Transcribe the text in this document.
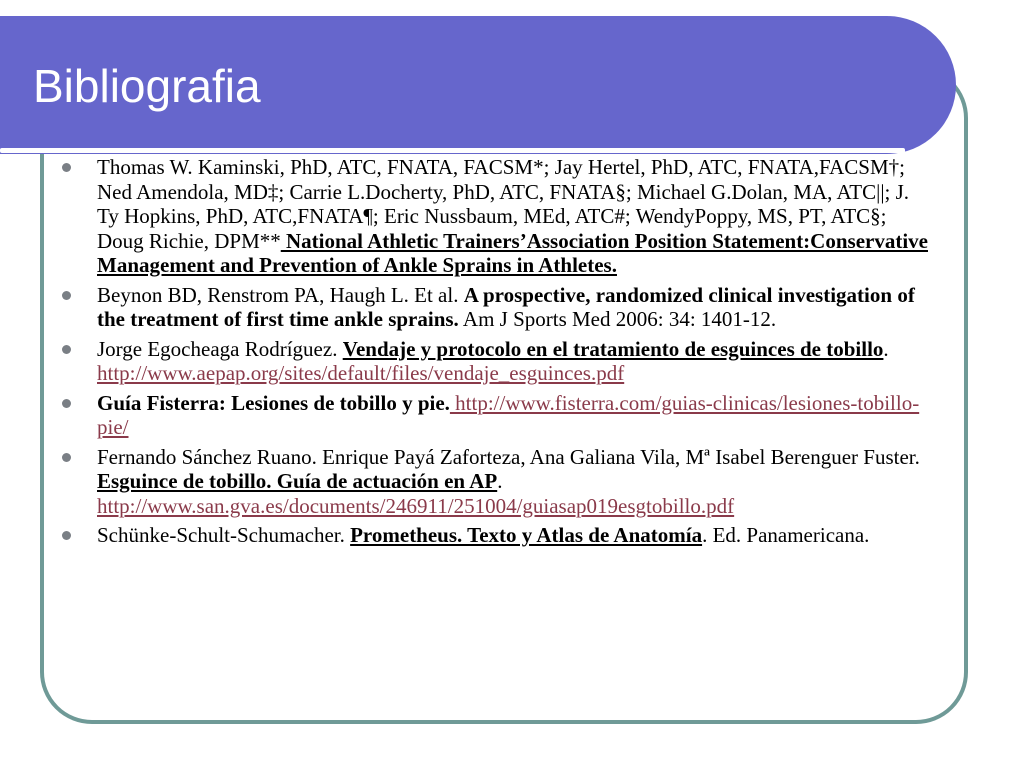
Bibliografia

Thomas W. Kaminski, PhD, ATC, FNATA, FACSM*; Jay Hertel, PhD, ATC, FNATA,FACSM†; Ned Amendola, MD‡; Carrie L.Docherty, PhD, ATC, FNATA§; Michael G.Dolan, MA, ATC||; J. Ty Hopkins, PhD, ATC,FNATA¶; Eric Nussbaum, MEd, ATC#; WendyPoppy, MS, PT, ATC§; Doug Richie, DPM** National Athletic Trainers’Association Position Statement:Conservative Management and Prevention of Ankle Sprains in Athletes.

Beynon BD, Renstrom PA, Haugh L. Et al. A prospective, randomized clinical investigation of the treatment of first time ankle sprains. Am J Sports Med 2006: 34: 1401-12.

Jorge Egocheaga Rodríguez. Vendaje y protocolo en el tratamiento de esguinces de tobillo.
http://www.aepap.org/sites/default/files/vendaje_esguinces.pdf

Guía Fisterra: Lesiones de tobillo y pie. http://www.fisterra.com/guias-clinicas/lesiones-tobillo-pie/

Fernando Sánchez Ruano. Enrique Payá Zaforteza, Ana Galiana Vila, Mª Isabel Berenguer Fuster. Esguince de tobillo. Guía de actuación en AP.
http://www.san.gva.es/documents/246911/251004/guiasap019esgtobillo.pdf

Schünke-Schult-Schumacher. Prometheus. Texto y Atlas de Anatomía. Ed. Panamericana.
